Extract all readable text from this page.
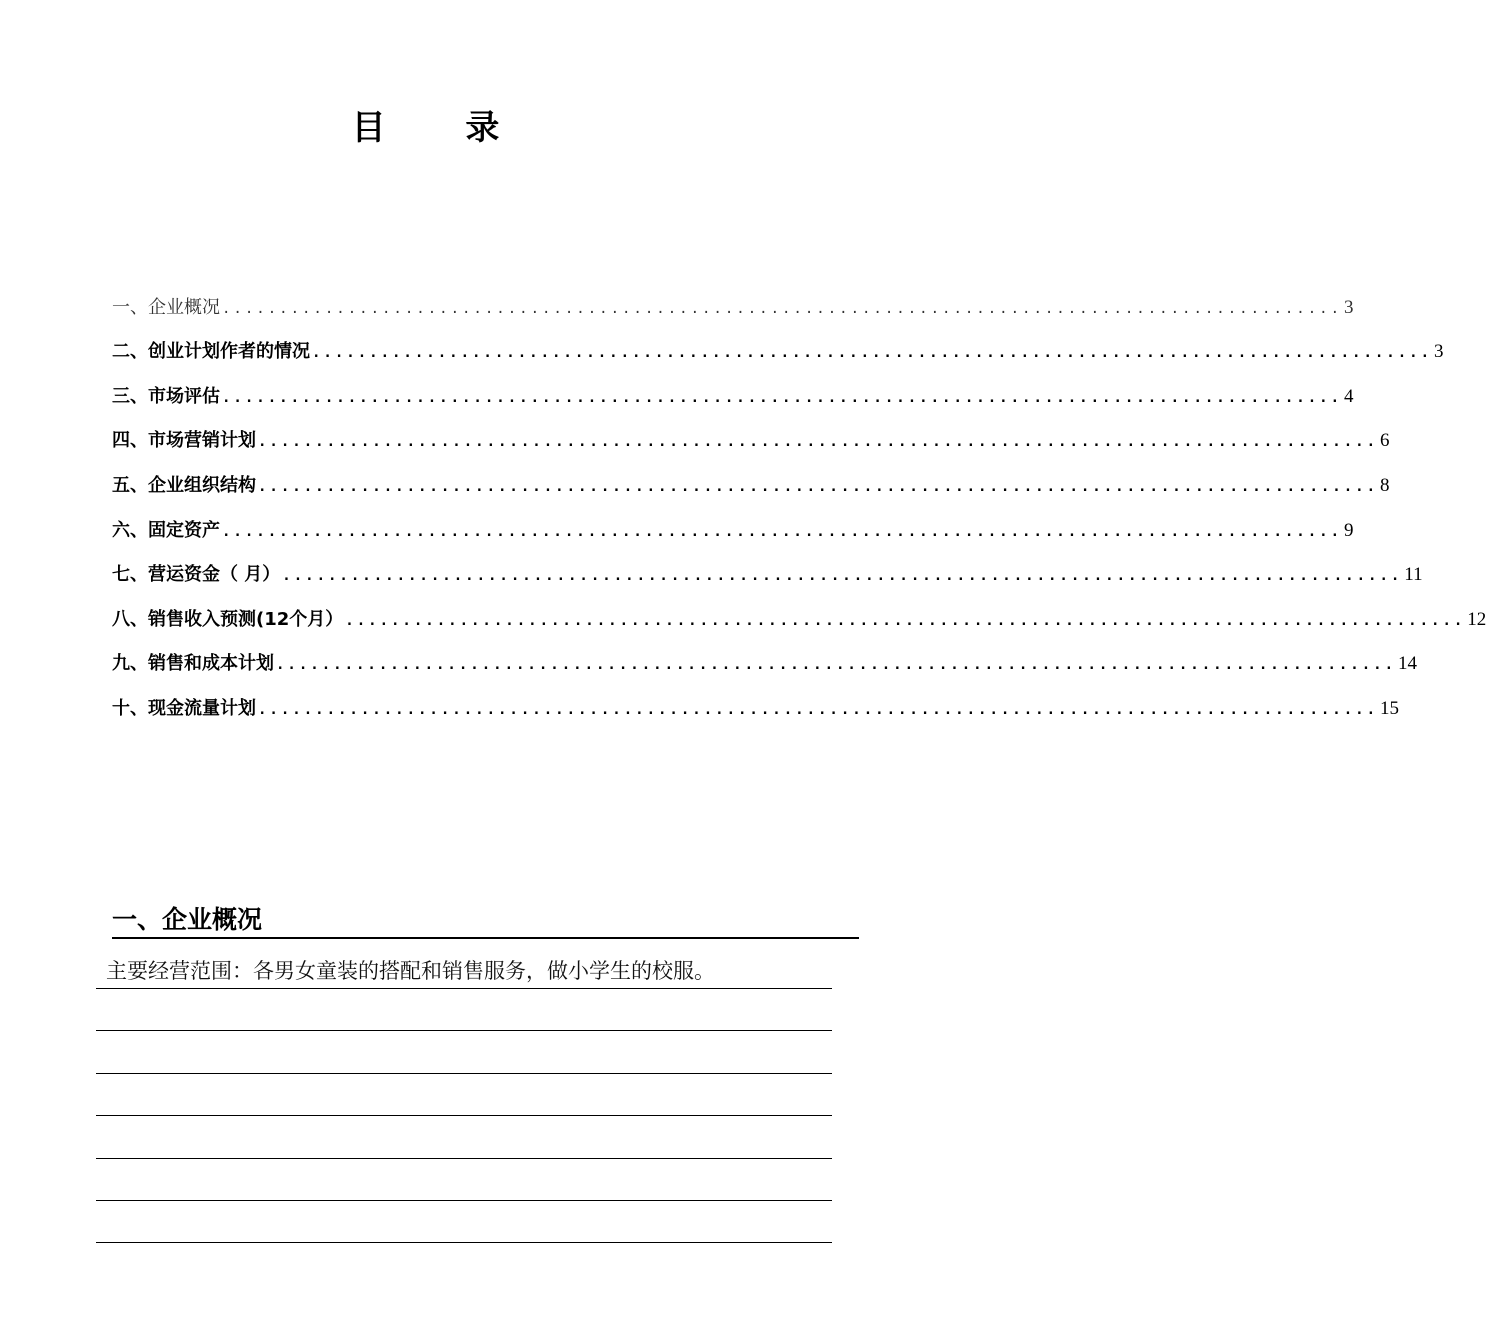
目 录
一、企业概况 .................................................................................................. 3
二、创业计划作者的情况 .................................................................................................. 3
三、市场评估 .................................................................................................. 4
四、市场营销计划 .................................................................................................. 6
五、企业组织结构 .................................................................................................. 8
六、固定资产 .................................................................................................. 9
七、营运资金（ 月） .................................................................................................. 11
八、销售收入预测(12个月） .................................................................................................. 12
九、销售和成本计划 .................................................................................................. 14
十、现金流量计划 .................................................................................................. 15
一、企业概况
主要经营范围：各男女童装的搭配和销售服务，做小学生的校服。
